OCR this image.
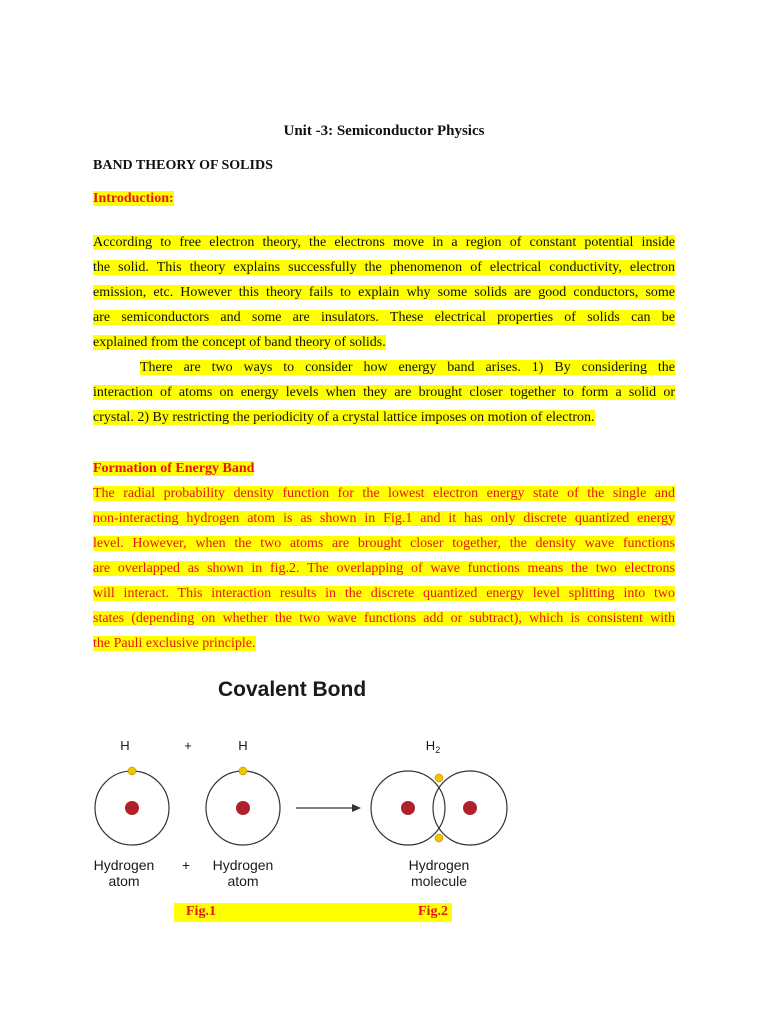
Unit -3: Semiconductor Physics
BAND THEORY OF SOLIDS
Introduction:
According to free electron theory, the electrons move in a region of constant potential inside
the solid. This theory explains successfully the phenomenon of electrical conductivity, electron
emission, etc. However this theory fails to explain why some solids are good conductors, some
are semiconductors and some are insulators. These electrical properties of solids can be
explained from the concept of band theory of solids.
There are two ways to consider how energy band arises. 1) By considering the
interaction of atoms on energy levels when they are brought closer together to form a solid or
crystal. 2) By restricting the periodicity of a crystal lattice imposes on motion of electron.
Formation of Energy Band
The radial probability density function for the lowest electron energy state of the single and
non-interacting hydrogen atom is as shown in Fig.1 and it has only discrete quantized energy
level. However, when the two atoms are brought closer together, the density wave functions
are overlapped as shown in fig.2. The overlapping of wave functions means the two electrons
will interact. This interaction results in the discrete quantized energy level splitting into two
states (depending on whether the two wave functions add or subtract), which is consistent with
the Pauli exclusive principle.
Covalent Bond
H	+	H	$H_2$
Hydrogen
atom
+ Hydrogen
atom
Hydrogen
molecule
Fig.1	Fig.2
